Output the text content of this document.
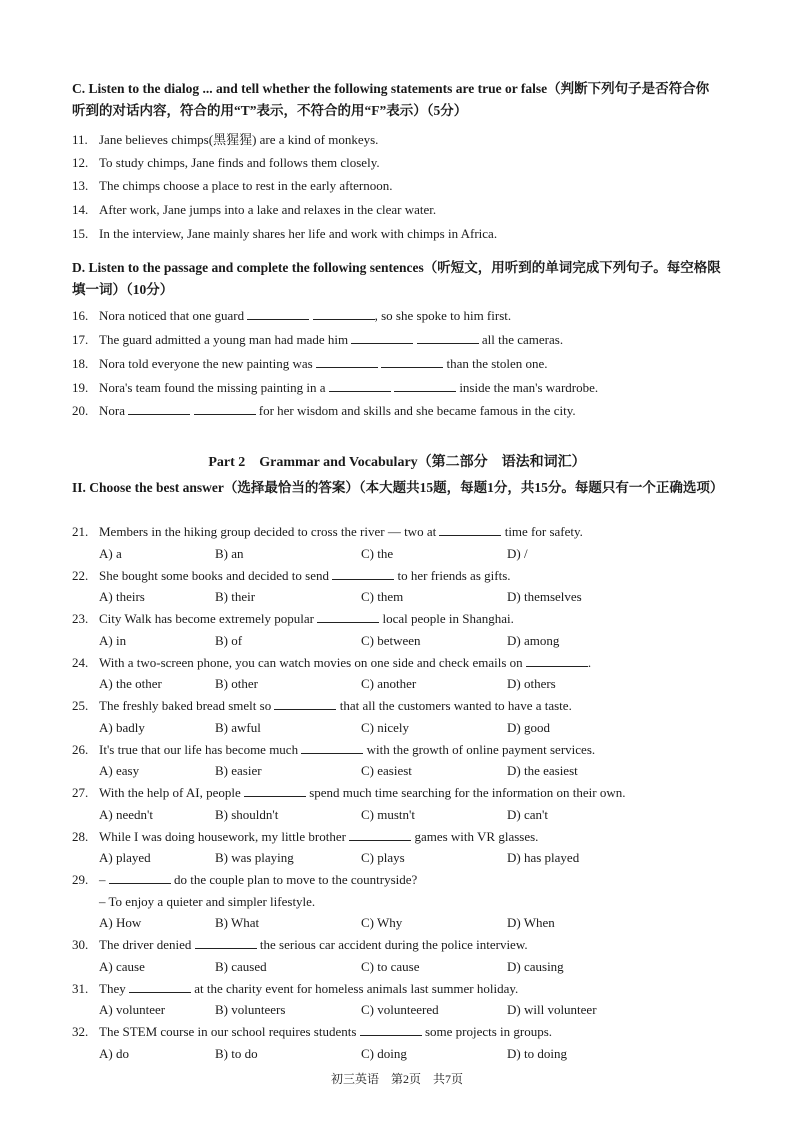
C. Listen to the dialog ... and tell whether the following statements are true or false（判断下列句子是否符合你听到的对话内容，符合的用“T”表示，不符合的用“F”表示）（5分）
11. Jane believes chimps(黑猩猩) are a kind of monkeys.
12. To study chimps, Jane finds and follows them closely.
13. The chimps choose a place to rest in the early afternoon.
14. After work, Jane jumps into a lake and relaxes in the clear water.
15. In the interview, Jane mainly shares her life and work with chimps in Africa.
D. Listen to the passage and complete the following sentences（听短文，用听到的单词完成下列句子。每空格限填一词）（10分）
16. Nora noticed that one guard	, so she spoke to him first.
17. The guard admitted a young man had made him	all the cameras.
18. Nora told everyone the new painting was	than the stolen one.
19. Nora's team found the missing painting in a	inside the man's wardrobe.
20. Nora	for her wisdom and skills and she became famous in the city.
Part 2　Grammar and Vocabulary（第二部分　语法和词汇）
II. Choose the best answer（选择最恰当的答案）（本大题共15题，每题1分，共15分。每题只有一个正确选项）
21. Members in the hiking group decided to cross the river — two at	time for safety.
A) a	B) an	C) the	D) /
22. She bought some books and decided to send	to her friends as gifts.
A) theirs	B) their	C) them	D) themselves
23. City Walk has become extremely popular	local people in Shanghai.
A) in	B) of	C) between	D) among
24. With a two-screen phone, you can watch movies on one side and check emails on	.
A) the other	B) other	C) another	D) others
25. The freshly baked bread smelt so	that all the customers wanted to have a taste.
A) badly	B) awful	C) nicely	D) good
26. It's true that our life has become much	with the growth of online payment services.
A) easy	B) easier	C) easiest	D) the easiest
27. With the help of AI, people	spend much time searching for the information on their own.
A) needn't	B) shouldn't	C) mustn't	D) can't
28. While I was doing housework, my little brother	games with VR glasses.
A) played	B) was playing	C) plays	D) has played
29. –	do the couple plan to move to the countryside?
– To enjoy a quieter and simpler lifestyle.
A) How	B) What	C) Why	D) When
30. The driver denied	the serious car accident during the police interview.
A) cause	B) caused	C) to cause	D) causing
31. They	at the charity event for homeless animals last summer holiday.
A) volunteer	B) volunteers	C) volunteered	D) will volunteer
32. The STEM course in our school requires students	some projects in groups.
A) do	B) to do	C) doing	D) to doing
初三英语　第2页　共7页
